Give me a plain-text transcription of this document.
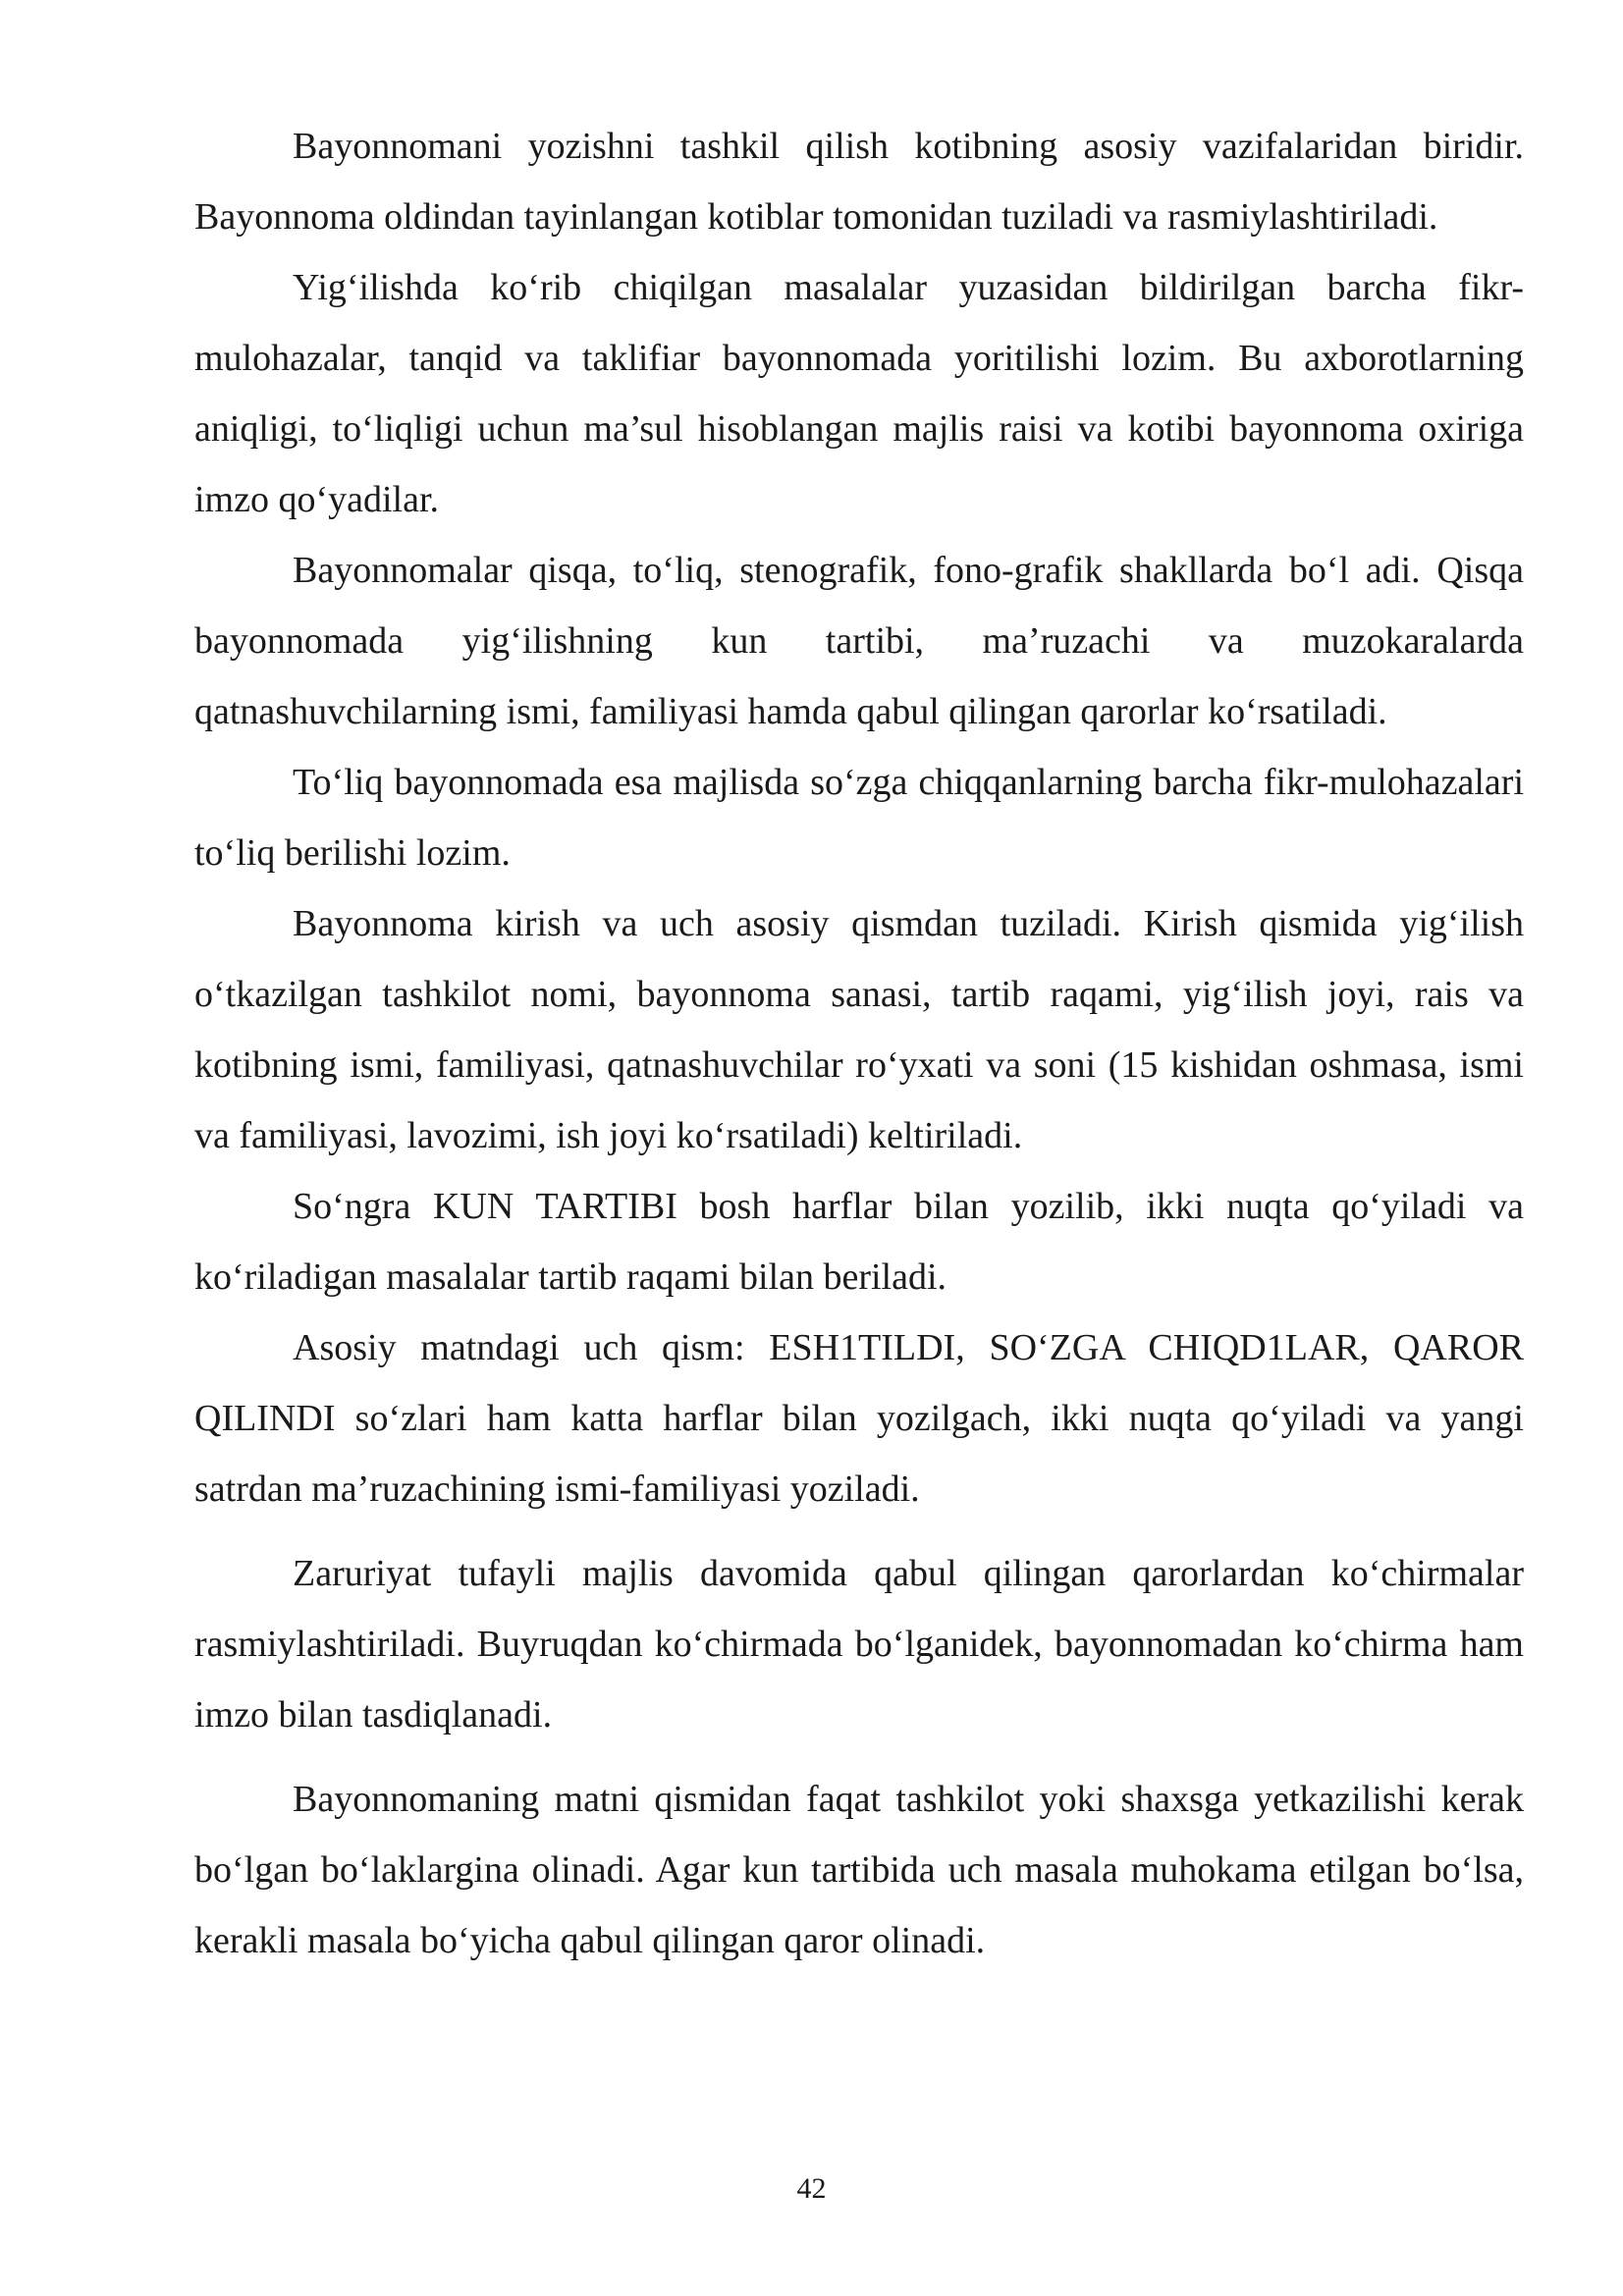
Bayonnomani yozishni tashkil qilish kotibning asosiy vazifalaridan biridir. Bayonnoma oldindan tayinlangan kotiblar tomonidan tuziladi va rasmiylashtiriladi.

Yig‘ilishda ko‘rib chiqilgan masalalar yuzasidan bildirilgan barcha fikr-mulohazalar, tanqid va taklifiar bayonnomada yoritilishi lozim. Bu axborotlarning aniqligi, to‘liqligi uchun ma’sul hisoblangan majlis raisi va kotibi bayonnoma oxiriga imzo qo‘yadilar.

Bayonnomalar qisqa, to‘liq, stenografik, fono-grafik shakllarda bo‘l adi. Qisqa bayonnomada yig‘ilishning kun tartibi, ma’ruzachi va muzokaralarda qatnashuvchilarning ismi, familiyasi hamda qabul qilingan qarorlar ko‘rsatiladi.

To‘liq bayonnomada esa majlisda so‘zga chiqqanlarning barcha fikr-mulohazalari to‘liq berilishi lozim.

Bayonnoma kirish va uch asosiy qismdan tuziladi. Kirish qismida yig‘ilish o‘tkazilgan tashkilot nomi, bayonnoma sanasi, tartib raqami, yig‘ilish joyi, rais va kotibning ismi, familiyasi, qatnashuvchilar ro‘yxati va soni (15 kishidan oshmasa, ismi va familiyasi, lavozimi, ish joyi ko‘rsatiladi) keltiriladi.

So‘ngra KUN TARTIBI bosh harflar bilan yozilib, ikki nuqta qo‘yiladi va ko‘riladigan masalalar tartib raqami bilan beriladi.

Asosiy matndagi uch qism: ESH1TILDI, SO‘ZGA CHIQD1LAR, QAROR QILINDI so‘zlari ham katta harflar bilan yozilgach, ikki nuqta qo‘yiladi va yangi satrdan ma’ruzachining ismi-familiyasi yoziladi.

Zaruriyat tufayli majlis davomida qabul qilingan qarorlardan ko‘chirmalar rasmiylashtiriladi. Buyruqdan ko‘chirmada bo‘lganidek, bayonnomadan ko‘chirma ham imzo bilan tasdiqlanadi.

Bayonnomaning matni qismidan faqat tashkilot yoki shaxsga yetkazilishi kerak bo‘lgan bo‘laklargina olinadi. Agar kun tartibida uch masala muhokama etilgan bo‘lsa, kerakli masala bo‘yicha qabul qilingan qaror olinadi.

42
